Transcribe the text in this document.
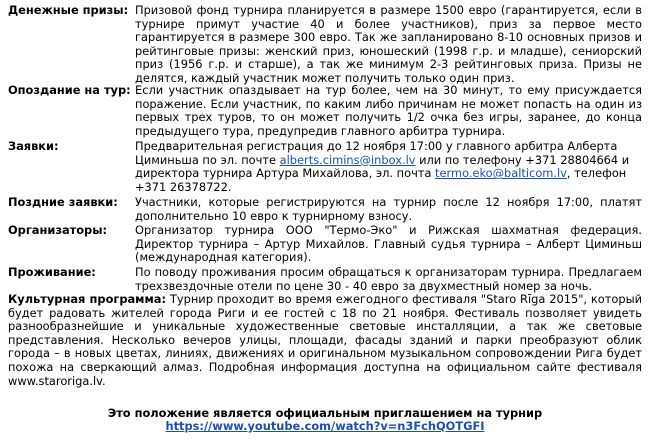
Денежные призы: Призовой фонд турнира планируется в размере 1500 евро (гарантируется, если в турнире примут участие 40 и более участников), приз за первое место гарантируется в размере 300 евро. Так же запланировано 8-10 основных призов и рейтинговые призы: женский приз, юношеский (1998 г.р. и младше), сениорский приз (1956 г.р. и старше), а так же минимум 2-3 рейтинговых приза. Призы не делятся, каждый участник может получить только один приз.
Опоздание на тур: Если участник опаздывает на тур более, чем на 30 минут, то ему присуждается поражение. Если участник, по каким либо причинам не может попасть на один из первых трех туров, то он может получить 1/2 очка без игры, заранее, до конца предыдущего тура, предупредив главного арбитра турнира.
Заявки:	Предварительная регистрация до 12 ноября 17:00 у главного арбитра Алберта Циминьша по эл. почте alberts.cimins@inbox.lv или по телефону +371 28804664 и директора турнира Артура Михайлова, эл. почта termo.eko@balticom.lv, телефон +371 26378722.
Поздние заявки: Участники, которые регистрируются на турнир после 12 ноября 17:00, платят дополнительно 10 евро к турнирному взносу.
Организаторы: Организатор турнира ООО "Термо-Эко" и Рижская шахматная федерация. Директор турнира – Артур Михайлов. Главный судья турнира – Алберт Циминьш (международная категория).
Проживание:	По поводу проживания просим обращаться к организаторам турнира. Предлагаем трехзвездочные отели по цене 30 - 40 евро за двухместный номер за ночь.
Культурная программа: Турнир проходит во время ежегодного фестиваля "Staro Rīga 2015", который будет радовать жителей города Риги и ее гостей с 18 по 21 ноября. Фестиваль позволяет увидеть разнообразнейшие и уникальные художественные световые инсталляции, а так же световые представления. Несколько вечеров улицы, площади, фасады зданий и парки преобразуют облик города – в новых цветах, линиях, движениях и оригинальном музыкальном сопровождении Рига будет похожа на сверкающий алмаз. Подробная информация доступна на официальном сайте фестиваля www.staroriga.lv.
Это положение является официальным приглашением на турнир
https://www.youtube.com/watch?v=n3FchQOTGFI
